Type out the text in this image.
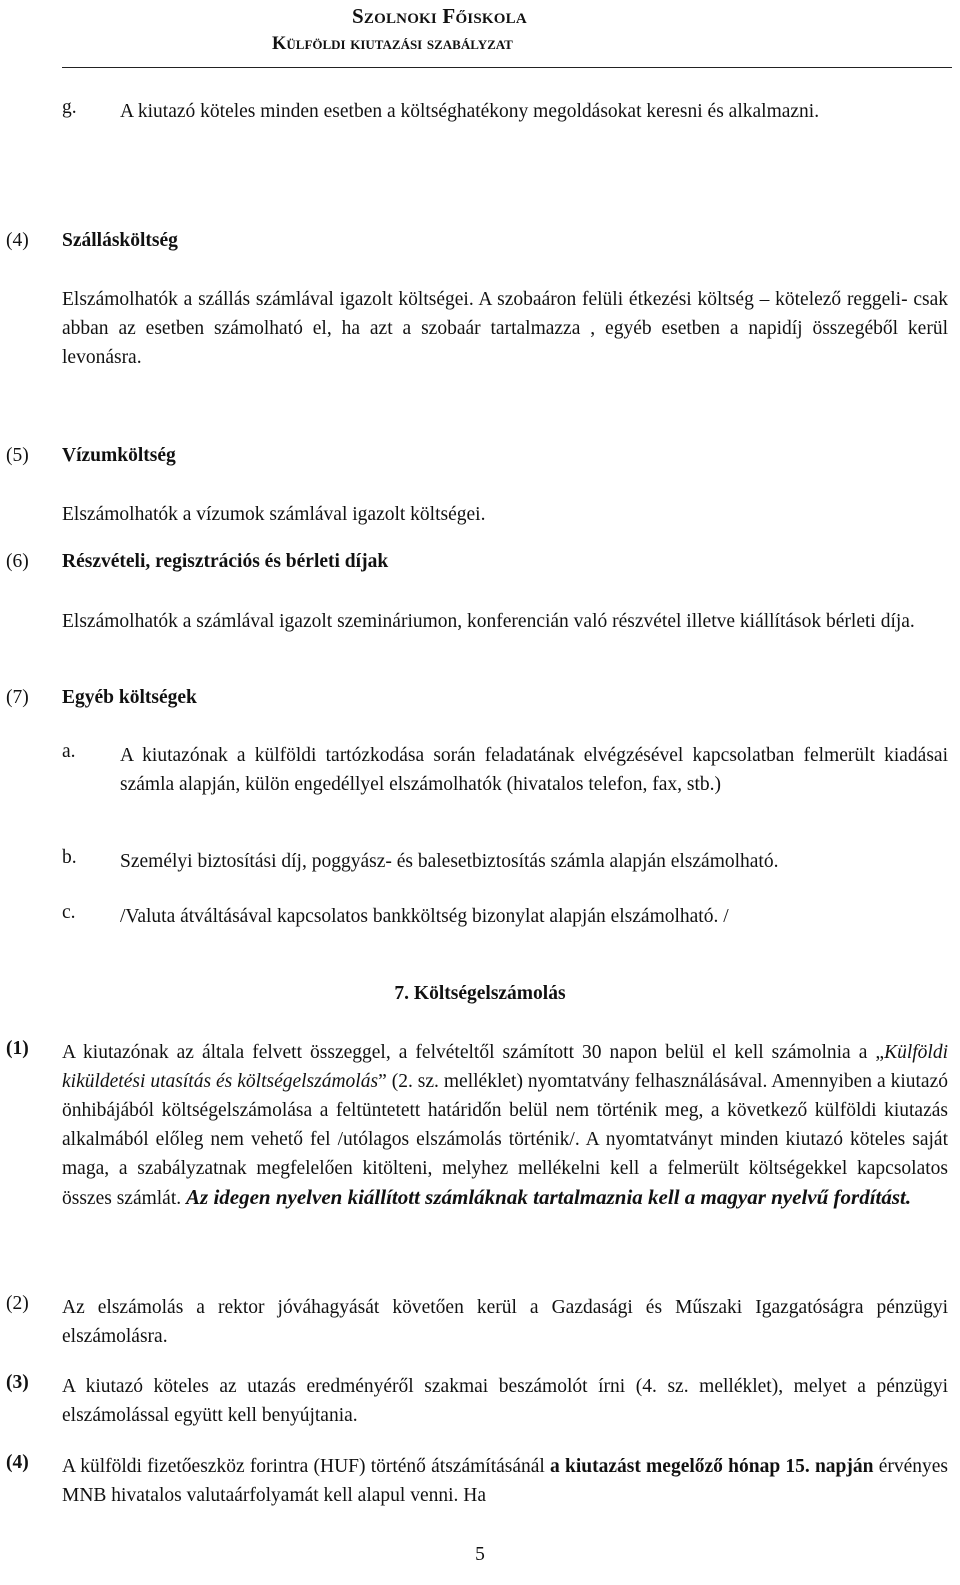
Szolnoki Főiskola
Külföldi kiutazási szabályzat
g. A kiutazó köteles minden esetben a költséghatékony megoldásokat keresni és alkalmazni.
(4) Szállásköltség
Elszámolhatók a szállás számlával igazolt költségei. A szobaáron felüli étkezési költség – kötelező reggeli- csak abban az esetben számolható el, ha azt a szobaár tartalmazza , egyéb esetben a napidíj összegéből kerül levonásra.
(5) Vízumköltség
Elszámolhatók a vízumok számlával igazolt költségei.
(6) Részvételi, regisztrációs és bérleti díjak
Elszámolhatók a számlával igazolt szemináriumon, konferencián való részvétel illetve kiállítások bérleti díja.
(7) Egyéb költségek
a. A kiutazónak a külföldi tartózkodása során feladatának elvégzésével kapcsolatban felmerült kiadásai számla alapján, külön engedéllyel elszámolhatók (hivatalos telefon, fax, stb.)
b. Személyi biztosítási díj, poggyász- és balesetbiztosítás számla alapján elszámolható.
c. /Valuta átváltásával kapcsolatos bankköltség bizonylat alapján elszámolható. /
7. Költségelszámolás
(1) A kiutazónak az általa felvett összeggel, a felvételtől számított 30 napon belül el kell számolnia a „Külföldi kiküldetési utasítás és költségelszámolás” (2. sz. melléklet) nyomtatvány felhasználásával. Amennyiben a kiutazó önhibájából költségelszámolása a feltüntetett határidőn belül nem történik meg, a következő külföldi kiutazás alkalmából előleg nem vehető fel /utólagos elszámolás történik/. A nyomtatványt minden kiutazó köteles saját maga, a szabályzatnak megfelelően kitölteni, melyhez mellékelni kell a felmerült költségekkel kapcsolatos összes számlát. Az idegen nyelven kiállított számláknak tartalmaznia kell a magyar nyelvű fordítást.
(2) Az elszámolás a rektor jóváhagyását követően kerül a Gazdasági és Műszaki Igazgatóságra pénzügyi elszámolásra.
(3) A kiutazó köteles az utazás eredményéről szakmai beszámolót írni (4. sz. melléklet), melyet a pénzügyi elszámolással együtt kell benyújtania.
(4) A külföldi fizetőeszköz forintra (HUF) történő átszámításánál a kiutazást megelőző hónap 15. napján érvényes MNB hivatalos valutaárfolyamát kell alapul venni. Ha
5
